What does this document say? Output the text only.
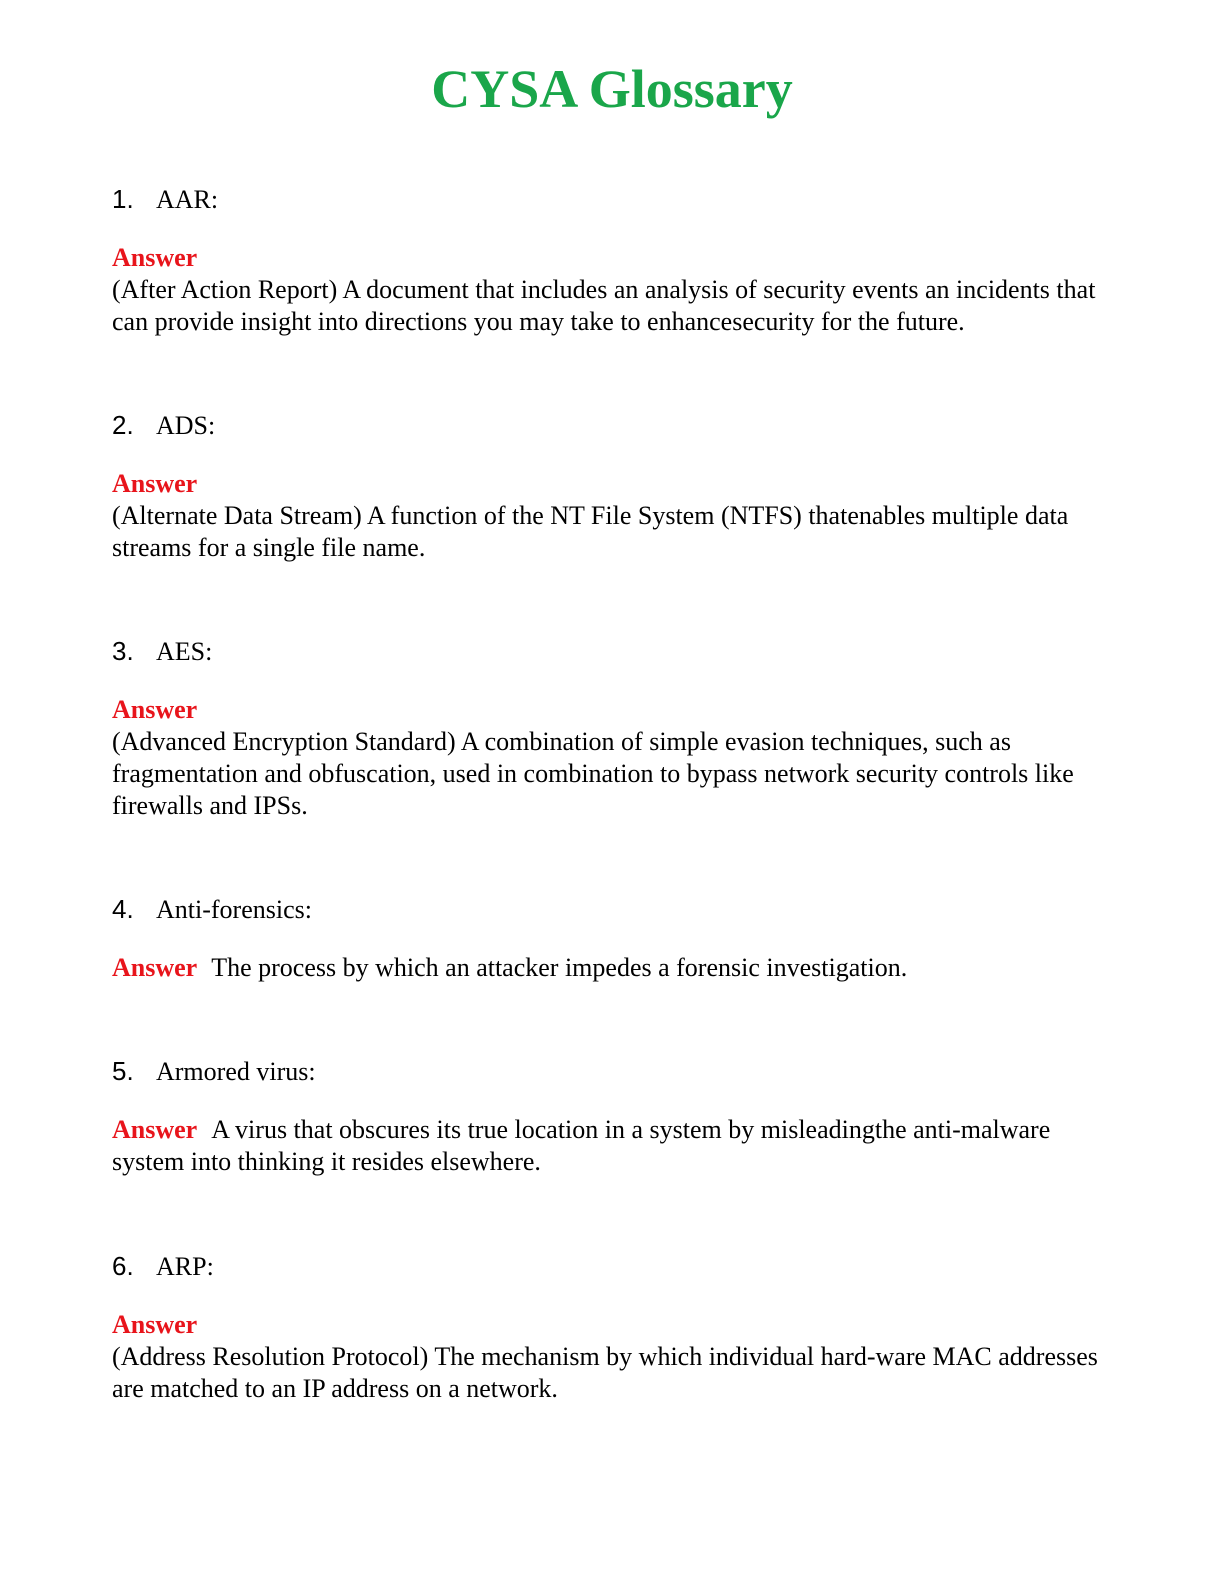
CYSA Glossary
1. AAR:
Answer
(After Action Report) A document that includes an analysis of security events an incidents that can provide insight into directions you may take to enhancesecurity for the future.
2. ADS:
Answer
(Alternate Data Stream) A function of the NT File System (NTFS) thatenables multiple data streams for a single file name.
3. AES:
Answer
(Advanced Encryption Standard) A combination of simple evasion techniques, such as fragmentation and obfuscation, used in combination to bypass network security controls like firewalls and IPSs.
4. Anti-forensics:
Answer The process by which an attacker impedes a forensic investigation.
5. Armored virus:
Answer A virus that obscures its true location in a system by misleadingthe anti-malware system into thinking it resides elsewhere.
6. ARP:
Answer
(Address Resolution Protocol) The mechanism by which individual hard-ware MAC addresses are matched to an IP address on a network.
